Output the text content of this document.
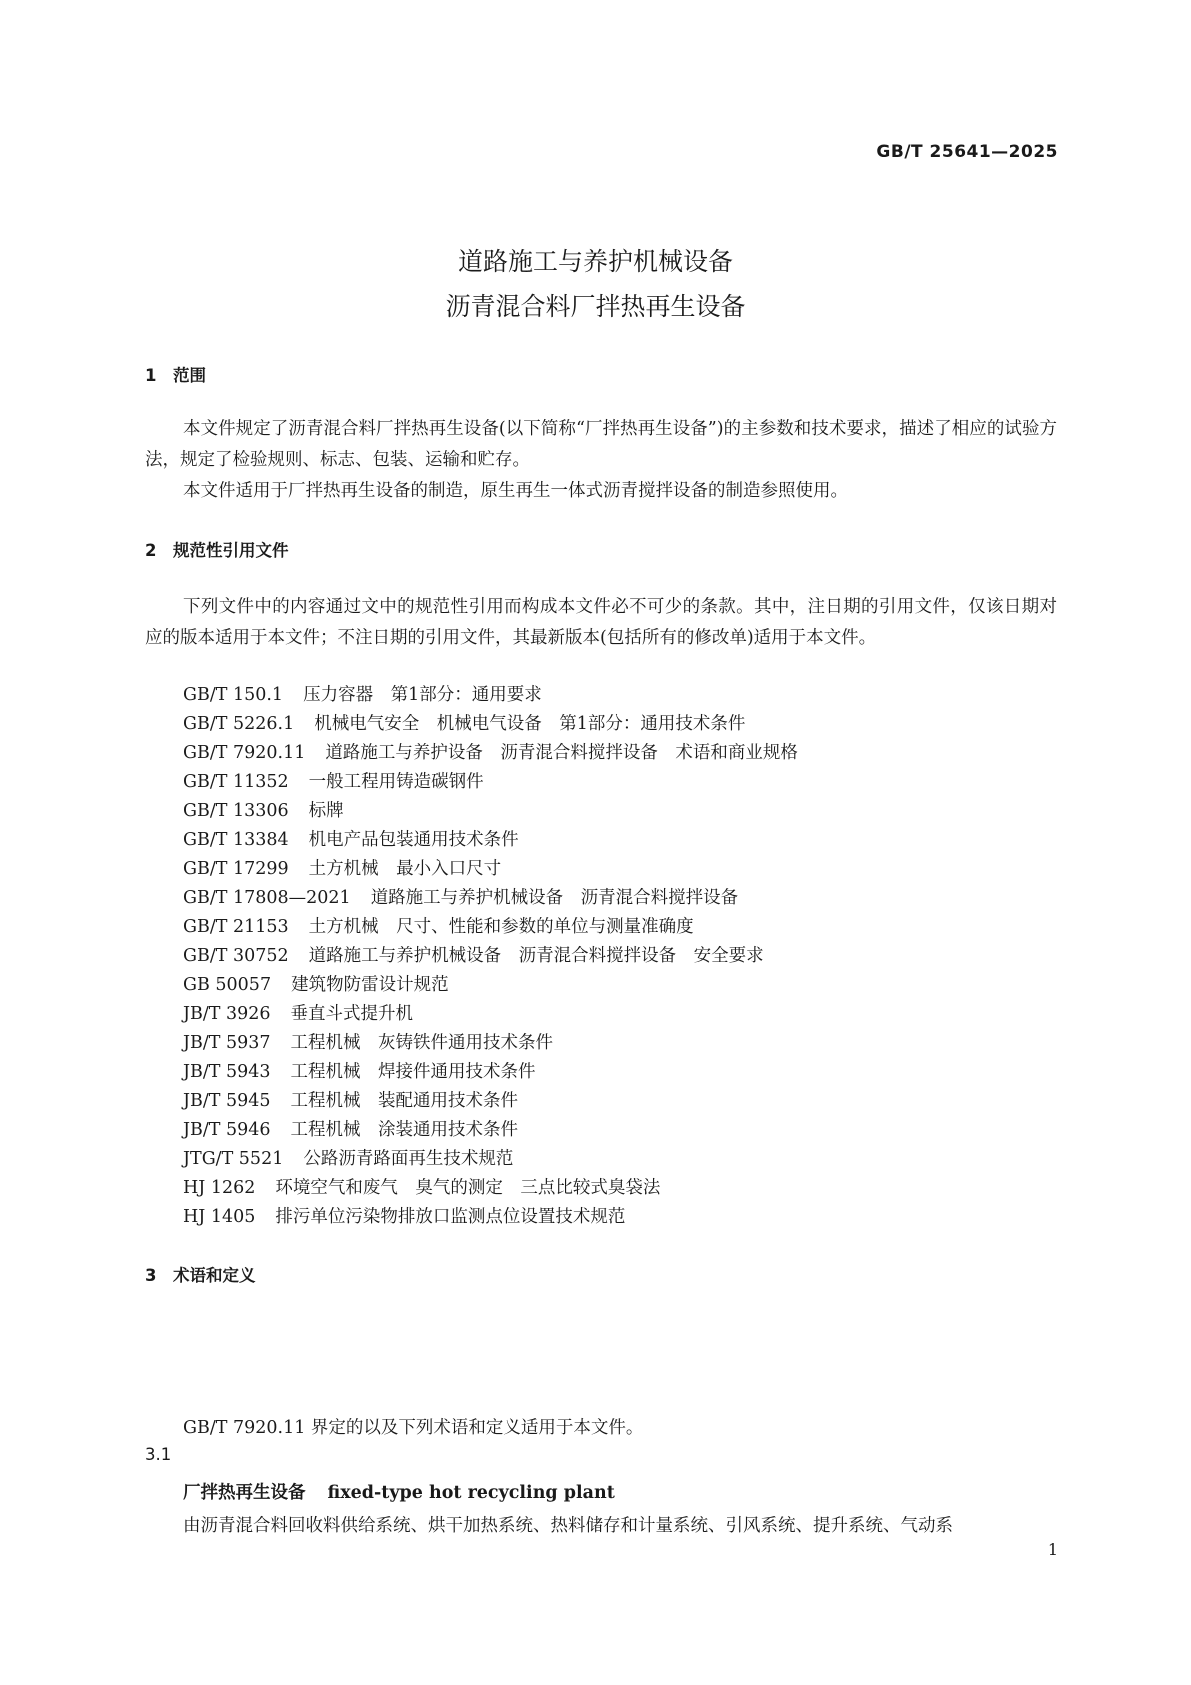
GB/T 25641—2025
道路施工与养护机械设备
沥青混合料厂拌热再生设备
1 范围
本文件规定了沥青混合料厂拌热再生设备(以下简称“厂拌热再生设备”)的主参数和技术要求，描述了相应的试验方法，规定了检验规则、标志、包装、运输和贮存。
本文件适用于厂拌热再生设备的制造，原生再生一体式沥青搅拌设备的制造参照使用。
2 规范性引用文件
下列文件中的内容通过文中的规范性引用而构成本文件必不可少的条款。其中，注日期的引用文件，仅该日期对应的版本适用于本文件；不注日期的引用文件，其最新版本(包括所有的修改单)适用于本文件。
GB/T 150.1 压力容器　第1部分：通用要求
GB/T 5226.1 机械电气安全　机械电气设备　第1部分：通用技术条件
GB/T 7920.11 道路施工与养护设备　沥青混合料搅拌设备　术语和商业规格
GB/T 11352 一般工程用铸造碳钢件
GB/T 13306 标牌
GB/T 13384 机电产品包装通用技术条件
GB/T 17299 土方机械　最小入口尺寸
GB/T 17808—2021 道路施工与养护机械设备　沥青混合料搅拌设备
GB/T 21153 土方机械　尺寸、性能和参数的单位与测量准确度
GB/T 30752 道路施工与养护机械设备　沥青混合料搅拌设备　安全要求
GB 50057 建筑物防雷设计规范
JB/T 3926 垂直斗式提升机
JB/T 5937 工程机械　灰铸铁件通用技术条件
JB/T 5943 工程机械　焊接件通用技术条件
JB/T 5945 工程机械　装配通用技术条件
JB/T 5946 工程机械　涂装通用技术条件
JTG/T 5521 公路沥青路面再生技术规范
HJ 1262 环境空气和废气　臭气的测定　三点比较式臭袋法
HJ 1405 排污单位污染物排放口监测点位设置技术规范
3 术语和定义
GB/T 7920.11 界定的以及下列术语和定义适用于本文件。
3.1
厂拌热再生设备 fixed-type hot recycling plant
由沥青混合料回收料供给系统、烘干加热系统、热料储存和计量系统、引风系统、提升系统、气动系
1
